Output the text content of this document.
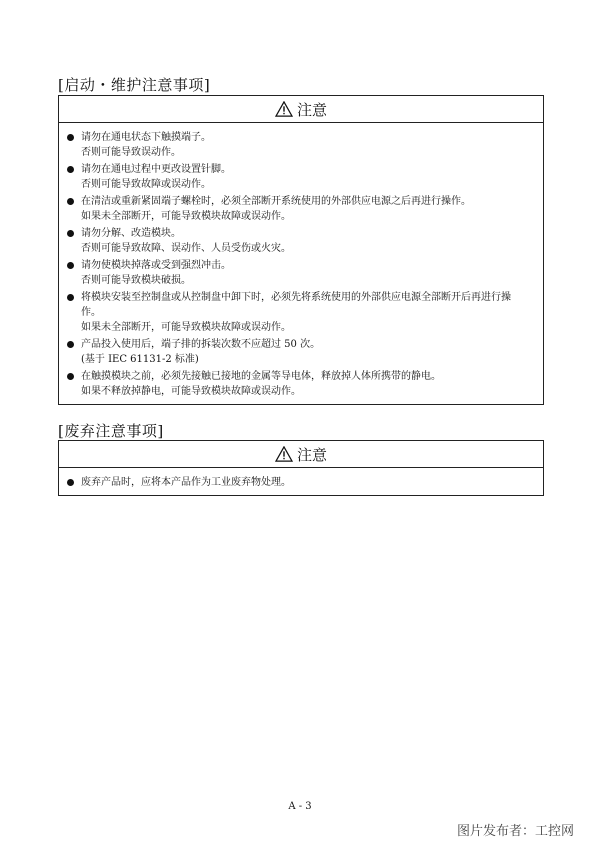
[启动・维护注意事项]
注意
请勿在通电状态下触摸端子。
否则可能导致误动作。
请勿在通电过程中更改设置针脚。
否则可能导致故障或误动作。
在清洁或重新紧固端子螺栓时，必须全部断开系统使用的外部供应电源之后再进行操作。
如果未全部断开，可能导致模块故障或误动作。
请勿分解、改造模块。
否则可能导致故障、误动作、人员受伤或火灾。
请勿使模块掉落或受到强烈冲击。
否则可能导致模块破损。
将模块安装至控制盘或从控制盘中卸下时，必须先将系统使用的外部供应电源全部断开后再进行操
作。
如果未全部断开，可能导致模块故障或误动作。
产品投入使用后，端子排的拆装次数不应超过 50 次。
(基于 IEC 61131-2 标准)
在触摸模块之前，必须先接触已接地的金属等导电体，释放掉人体所携带的静电。
如果不释放掉静电，可能导致模块故障或误动作。
[废弃注意事项]
注意
废弃产品时，应将本产品作为工业废弃物处理。
A - 3
图片发布者：工控网
